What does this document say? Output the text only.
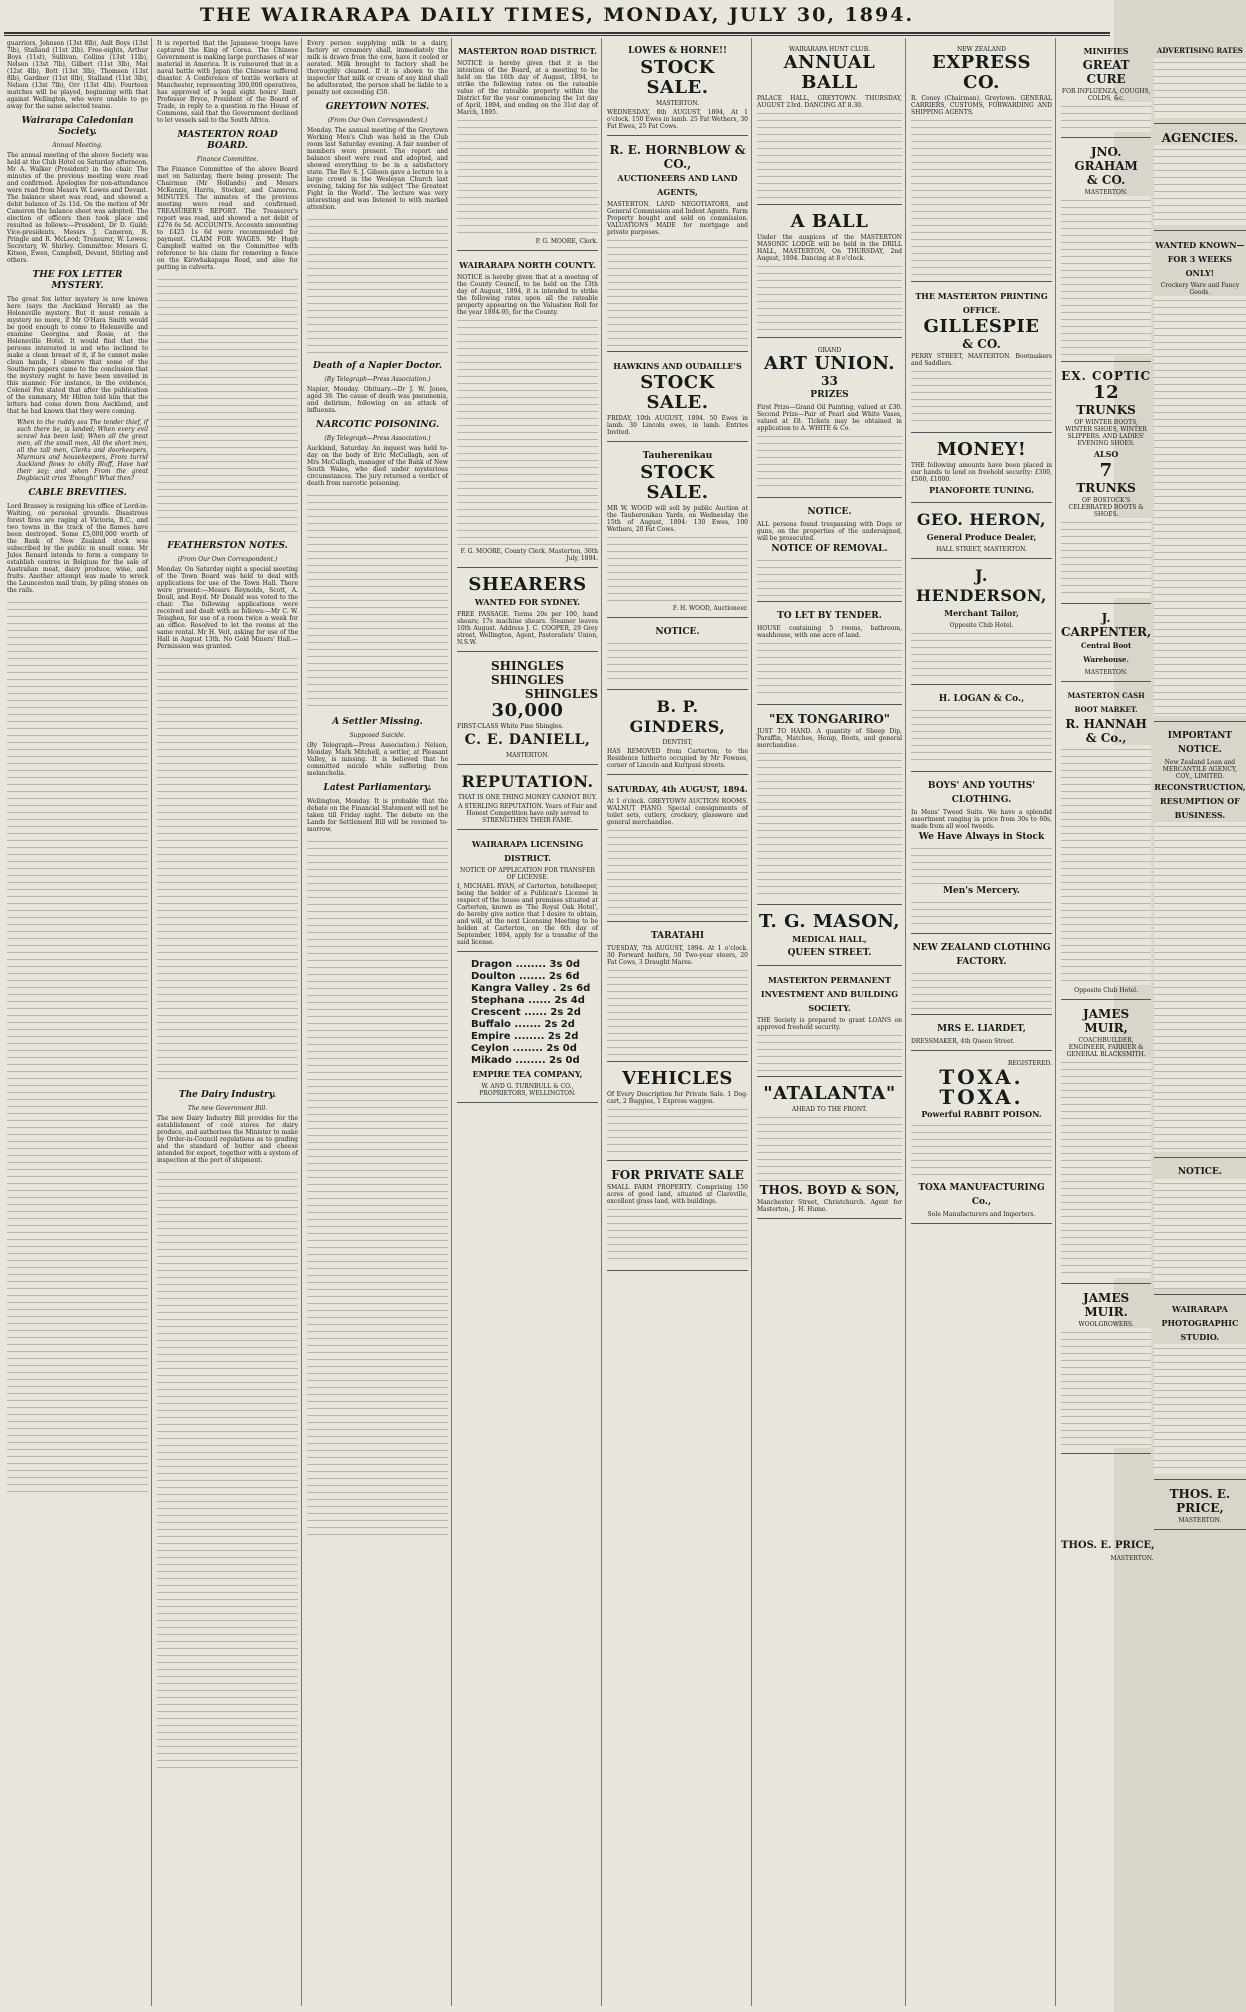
THE WAIRARAPA DAILY TIMES, MONDAY, JULY 30, 1894.
guarriors, Johnson (13st 8lb), Ault Boys (13st 7lb), Stalland (11st 2lb). Free-eights, Arthur Boys (11st), Sullivan, Collins (13st 11lb), Nelson (13st 7lb), Gilbert (11st 3lb), Mat (12st 4lb), Bott (13st 3lb), Thomsen (13st 8lb), Gardner (11st 8lb), Stalland (11st 3lb), Nelson (13st 7lb), Orr (13st 4lb). Fourteen matches will be played, beginning with that against Wellington, who were unable to go away for the same selected teams.
Wairarapa Caledonian Society.
Annual Meeting.
The annual meeting of the above Society was held at the Club Hotel on Saturday afternoon, Mr A. Walker (President) in the chair. The minutes of the previous meeting were read and confirmed. Apologies for non-attendance were read from Messrs W. Lowes and Devant. The balance sheet was read, and showed a debit balance of 2s 11d. On the motion of Mr Cameron the balance sheet was adopted. The election of officers then took place and resulted as follows:—President, Dr D. Guild; Vice-presidents, Messrs J. Cameron, R. Pringle and R. McLeod; Treasurer, W. Lowes; Secretary, W. Shirley. Committee: Messrs G. Kitson, Ewen, Campbell, Devant, Stirling and others.
THE FOX LETTER MYSTERY.
The great fox letter mystery is now known here (says the Auckland Herald) as the Helensville mystery. But it must remain a mystery no more, if Mr O'Hara Smith would be good enough to come to Helensville and examine Georgina and Rosie, at the Helensville Hotel. It would find that the persons interested in and who inclined to make a clean breast of it, if he cannot make clean hands, I observe that some of the Southern papers came to the conclusion that the mystery ought to have been unveiled in this manner. For instance, in the evidence, Colonel Fox stated that after the publication of the summary, Mr Hilton told him that the letters had come down from Auckland, and that he had known that they were coming.
When to the ruddy sea The tender thief, if such there be, is landed; When every evil scrawl has been laid; When all the great men, all the small men, All the short men, all the tall men, Clerks and doorkeepers, Murmurs and housekeepers, From turrid Auckland flows to chilly Bluff, Have had their say; and when From the great Dogbiscuit cries 'Enough!' What then?
CABLE BREVITIES.
Lord Brassey is resigning his office of Lord-in-Waiting, on personal grounds. Disastrous forest fires are raging at Victoria, B.C., and two towns in the track of the flames have been destroyed. Some £5,000,000 worth of the Bank of New Zealand stock was subscribed by the public in small sums. Mr Jules Renard intends to form a company to establish centres in Belgium for the sale of Australian meat, dairy produce, wine, and fruits. Another attempt was made to wreck the Launceston mail train, by piling stones on the rails.
It is reported that the Japanese troops have captured the King of Corea. The Chinese Government is making large purchases of war material in America. It is rumoured that in a naval battle with Japan the Chinese suffered disaster. A Conference of textile workers at Manchester, representing 300,000 operatives, has approved of a legal eight hours' limit. Professor Bryce, President of the Board of Trade, in reply to a question in the House of Commons, said that the Government declined to let vessels sail to the South Africa.
MASTERTON ROAD BOARD.
Finance Committee.
The Finance Committee of the above Board met on Saturday, there being present: The Chairman (Mr Hollands) and Messrs McKenzie, Harris, Stocker, and Cameron. MINUTES. The minutes of the previous meeting were read and confirmed. TREASURER'S REPORT. The Treasurer's report was read, and showed a net debit of £276 6s 5d. ACCOUNTS. Accounts amounting to £425 1s 6d were recommended for payment. CLAIM FOR WAGES. Mr Hugh Campbell waited on the Committee with reference to his claim for removing a fence on the Kiriwhakapapa Road, and also for putting in culverts.
FEATHERSTON NOTES.
(From Our Own Correspondent.)
Monday. On Saturday night a special meeting of the Town Board was held to deal with applications for use of the Town Hall. There were present:—Messrs Reynolds, Scott, A. Doull, and Boyd. Mr Donald was voted to the chair. The following applications were received and dealt with as follows:—Mr C. W. Teisghen, for use of a room twice a week for an office. Resolved to let the rooms at the same rental. Mr H. Veit, asking for use of the Hall in August 13th. No Gold Miners' Hall.—Permission was granted.
The Dairy Industry.
The new Government Bill.
The new Dairy Industry Bill provides for the establishment of cool stores for dairy produce, and authorises the Minister to make by Order-in-Council regulations as to grading and the standard of butter and cheese intended for export, together with a system of inspection at the port of shipment.
Every person supplying milk to a dairy, factory or creamery shall, immediately the milk is drawn from the cow, have it cooled or aerated. Milk brought to factory shall be thoroughly cleaned. If it is shown to the inspector that milk or cream of any kind shall be adulterated, the person shall be liable to a penalty not exceeding £50.
GREYTOWN NOTES.
(From Our Own Correspondent.)
Monday. The annual meeting of the Greytown Working Men's Club was held in the Club room last Saturday evening. A fair number of members were present. The report and balance sheet were read and adopted, and showed everything to be in a satisfactory state. The Rev S. J. Gibson gave a lecture to a large crowd in the Wesleyan Church last evening, taking for his subject 'The Greatest Fight in the World'. The lecture was very interesting and was listened to with marked attention.
Death of a Napier Doctor.
(By Telegraph—Press Association.)
Napier, Monday. Obituary.—Dr J. W. Jones, aged 39. The cause of death was pneumonia, and delirium, following on an attack of influenza.
NARCOTIC POISONING.
(By Telegraph—Press Association.)
Auckland, Saturday. An inquest was held to-day on the body of Eric McCullagh, son of Mrs McCullagh, manager of the Bank of New South Wales, who died under mysterious circumstances. The jury returned a verdict of death from narcotic poisoning.
A Settler Missing.
Supposed Suicide.
(By Telegraph—Press Association.) Nelson, Monday. Mark Mitchell, a settler, at Pleasant Valley, is missing. It is believed that he committed suicide while suffering from melancholia.
Latest Parliamentary.
Wellington, Monday. It is probable that the debate on the Financial Statement will not be taken till Friday night. The debate on the Lands for Settlement Bill will be resumed to-morrow.
MASTERTON ROAD DISTRICT.
NOTICE is hereby given that it is the intention of the Board, at a meeting to be held on the 16th day of August, 1894, to strike the following rates on the rateable value of the rateable property within the District for the year commencing the 1st day of April, 1894, and ending on the 31st day of March, 1895.
P. G. MOORE, Clerk.
WAIRARAPA NORTH COUNTY.
NOTICE is hereby given that at a meeting of the County Council, to be held on the 13th day of August, 1894, it is intended to strike the following rates upon all the rateable property appearing on the Valuation Roll for the year 1894-95, for the County.
F. G. MOORE, County Clerk. Masterton, 30th July, 1894.
SHEARERS
WANTED FOR SYDNEY.
FREE PASSAGE. Terms 20s per 100, hand shears; 17s machine shears. Steamer leaves 10th August. Address J. C. COOPER, 29 Grey street, Wellington, Agent, Pastoralists' Union, N.S.W.
SHINGLES
SHINGLES
SHINGLES
30,000
FIRST-CLASS White Pine Shingles.
C. E. DANIELL,
MASTERTON.
REPUTATION.
THAT IS ONE THING MONEY CANNOT BUY.
A STERLING REPUTATION. Years of Fair and Honest Competition have only served to STRENGTHEN THEIR FAME.
WAIRARAPA LICENSING DISTRICT.
NOTICE OF APPLICATION FOR TRANSFER OF LICENSE.
I, MICHAEL RYAN, of Carterton, hotelkeeper, being the holder of a Publican's License in respect of the house and premises situated at Carterton, known as 'The Royal Oak Hotel', do hereby give notice that I desire to obtain, and will, at the next Licensing Meeting to be holden at Carterton, on the 6th day of September, 1894, apply for a transfer of the said license.
Dragon ........ 3s 0d
Doulton ....... 2s 6d
Kangra Valley . 2s 6d
Stephana ...... 2s 4d
Crescent ...... 2s 2d
Buffalo ....... 2s 2d
Empire ........ 2s 2d
Ceylon ........ 2s 0d
Mikado ........ 2s 0d
EMPIRE TEA COMPANY,
W. AND G. TURNBULL & CO., PROPRIETORS, WELLINGTON.
LOWES & HORNE!!
STOCK SALE.
MASTERTON.
WEDNESDAY, 8th AUGUST, 1894, At 1 o'clock. 150 Ewes in lamb. 25 Fat Wethers, 30 Fat Ewes, 25 Fat Cows.
R. E. HORNBLOW & CO.,
AUCTIONEERS AND LAND AGENTS,
MASTERTON. LAND NEGOTIATORS, and General Commission and Indent Agents. Farm Property bought and sold on commission. VALUATIONS MADE for mortgage and private purposes.
HAWKINS AND OUDAILLE'S
STOCK SALE.
FRIDAY, 10th AUGUST, 1894. 50 Ewes in lamb. 30 Lincoln ewes, in lamb. Entries Invited.
Tauherenikau
STOCK SALE.
MR W. WOOD will sell by public Auction at the Tauherenikau Yards, on Wednesday the 15th of August, 1894: 130 Ewes, 100 Wethers, 20 Fat Cows.
F. H. WOOD, Auctioneer.
NOTICE.
B. P. GINDERS,
DENTIST,
HAS REMOVED from Carterton, to the Residence hitherto occupied by Mr Fownes, corner of Lincoln and Kuripuni streets.
SATURDAY, 4th AUGUST, 1894.
At 1 o'clock. GREYTOWN AUCTION ROOMS. WALNUT PIANO. Special consignments of toilet sets, cutlery, crockery, glassware and general merchandise.
TARATAHI
TUESDAY, 7th AUGUST, 1894. At 1 o'clock. 30 Forward heifers, 50 Two-year steers, 20 Fat Cows, 3 Draught Mares.
VEHICLES
Of Every Description for Private Sale. 1 Dog-cart, 2 Buggies, 1 Express waggon.
FOR PRIVATE SALE
SMALL FARM PROPERTY. Comprising 150 acres of good land, situated at Clareville, excellent grass land, with buildings.
WAIRARAPA HUNT CLUB.
ANNUAL BALL
PALACE HALL, GREYTOWN. THURSDAY, AUGUST 23rd. DANCING AT 8.30.
A BALL
Under the auspices of the MASTERTON MASONIC LODGE will be held in the DRILL HALL, MASTERTON, On THURSDAY, 2nd August, 1894. Dancing at 8 o'clock.
GRAND
ART UNION.
33
PRIZES
First Prize—Grand Oil Painting, valued at £30. Second Prize—Pair of Pearl and White Vases, valued at £8. Tickets may be obtained in application to A. WHITE & Co.
NOTICE.
ALL persons found trespassing with Dogs or guns, on the properties of the undersigned, will be prosecuted.
NOTICE OF REMOVAL.
TO LET BY TENDER.
HOUSE containing 5 rooms, bathroom, washhouse, with one acre of land.
"EX TONGARIRO"
JUST TO HAND. A quantity of Sheep Dip, Paraffin, Matches, Hemp, Boots, and general merchandise.
T. G. MASON,
MEDICAL HALL,
QUEEN STREET.
MASTERTON PERMANENT INVESTMENT AND BUILDING SOCIETY.
THE Society is prepared to grant LOANS on approved freehold security.
"ATALANTA"
AHEAD TO THE FRONT.
THOS. BOYD & SON,
Manchester Street, Christchurch. Agent for Masterton, J. H. Hume.
NEW ZEALAND
EXPRESS CO.
R. Coney (Chairman), Greytown. GENERAL CARRIERS, CUSTOMS, FORWARDING AND SHIPPING AGENTS.
THE MASTERTON PRINTING OFFICE.
GILLESPIE
& CO.
PERRY STREET, MASTERTON. Bootmakers and Saddlers.
MONEY!
THE following amounts have been placed in our hands to lend on freehold security: £300, £500, £1000.
PIANOFORTE TUNING.
GEO. HERON,
General Produce Dealer,
HALL STREET, MASTERTON.
J. HENDERSON,
Merchant Tailor,
Opposite Club Hotel.
H. LOGAN & Co.,
BOYS' AND YOUTHS' CLOTHING.
In Mens' Tweed Suits. We have a splendid assortment ranging in price from 30s to 60s, made from all wool tweeds.
We Have Always in Stock
Men's Mercery.
NEW ZEALAND CLOTHING FACTORY.
MRS E. LIARDET,
DRESSMAKER, 4th Queen Street.
REGISTERED.
TOXA. TOXA.
Powerful RABBIT POISON.
TOXA MANUFACTURING Co.,
Sole Manufacturers and Importers.
MINIFIES
GREAT CURE
FOR INFLUENZA, COUGHS, COLDS, &c.
JNO. GRAHAM
& CO.
MASTERTON.
EX. COPTIC
12
TRUNKS
OF WINTER BOOTS, WINTER SHOES, WINTER SLIPPERS. AND LADIES' EVENING SHOES.
ALSO
7
TRUNKS
OF BOSTOCK'S CELEBRATED BOOTS & SHOES.
J. CARPENTER,
Central Boot Warehouse.
MASTERTON.
MASTERTON CASH BOOT MARKET.
R. HANNAH & Co.,
Opposite Club Hotel.
JAMES MUIR,
COACHBUILDER, ENGINEER, FARRIER & GENERAL BLACKSMITH.
JAMES MUIR.
WOOLGROWERS.
ADVERTISING RATES
AGENCIES.
WANTED KNOWN—FOR 3 WEEKS ONLY!
Crockery Ware and Fancy Goods.
IMPORTANT NOTICE.
New Zealand Loan and MERCANTILE AGENCY, COY., LIMITED.
RECONSTRUCTION, RESUMPTION OF BUSINESS.
NOTICE.
WAIRARAPA PHOTOGRAPHIC STUDIO.
THOS. E. PRICE,
MASTERTON.
THOS. E. PRICE,
MASTERTON.
